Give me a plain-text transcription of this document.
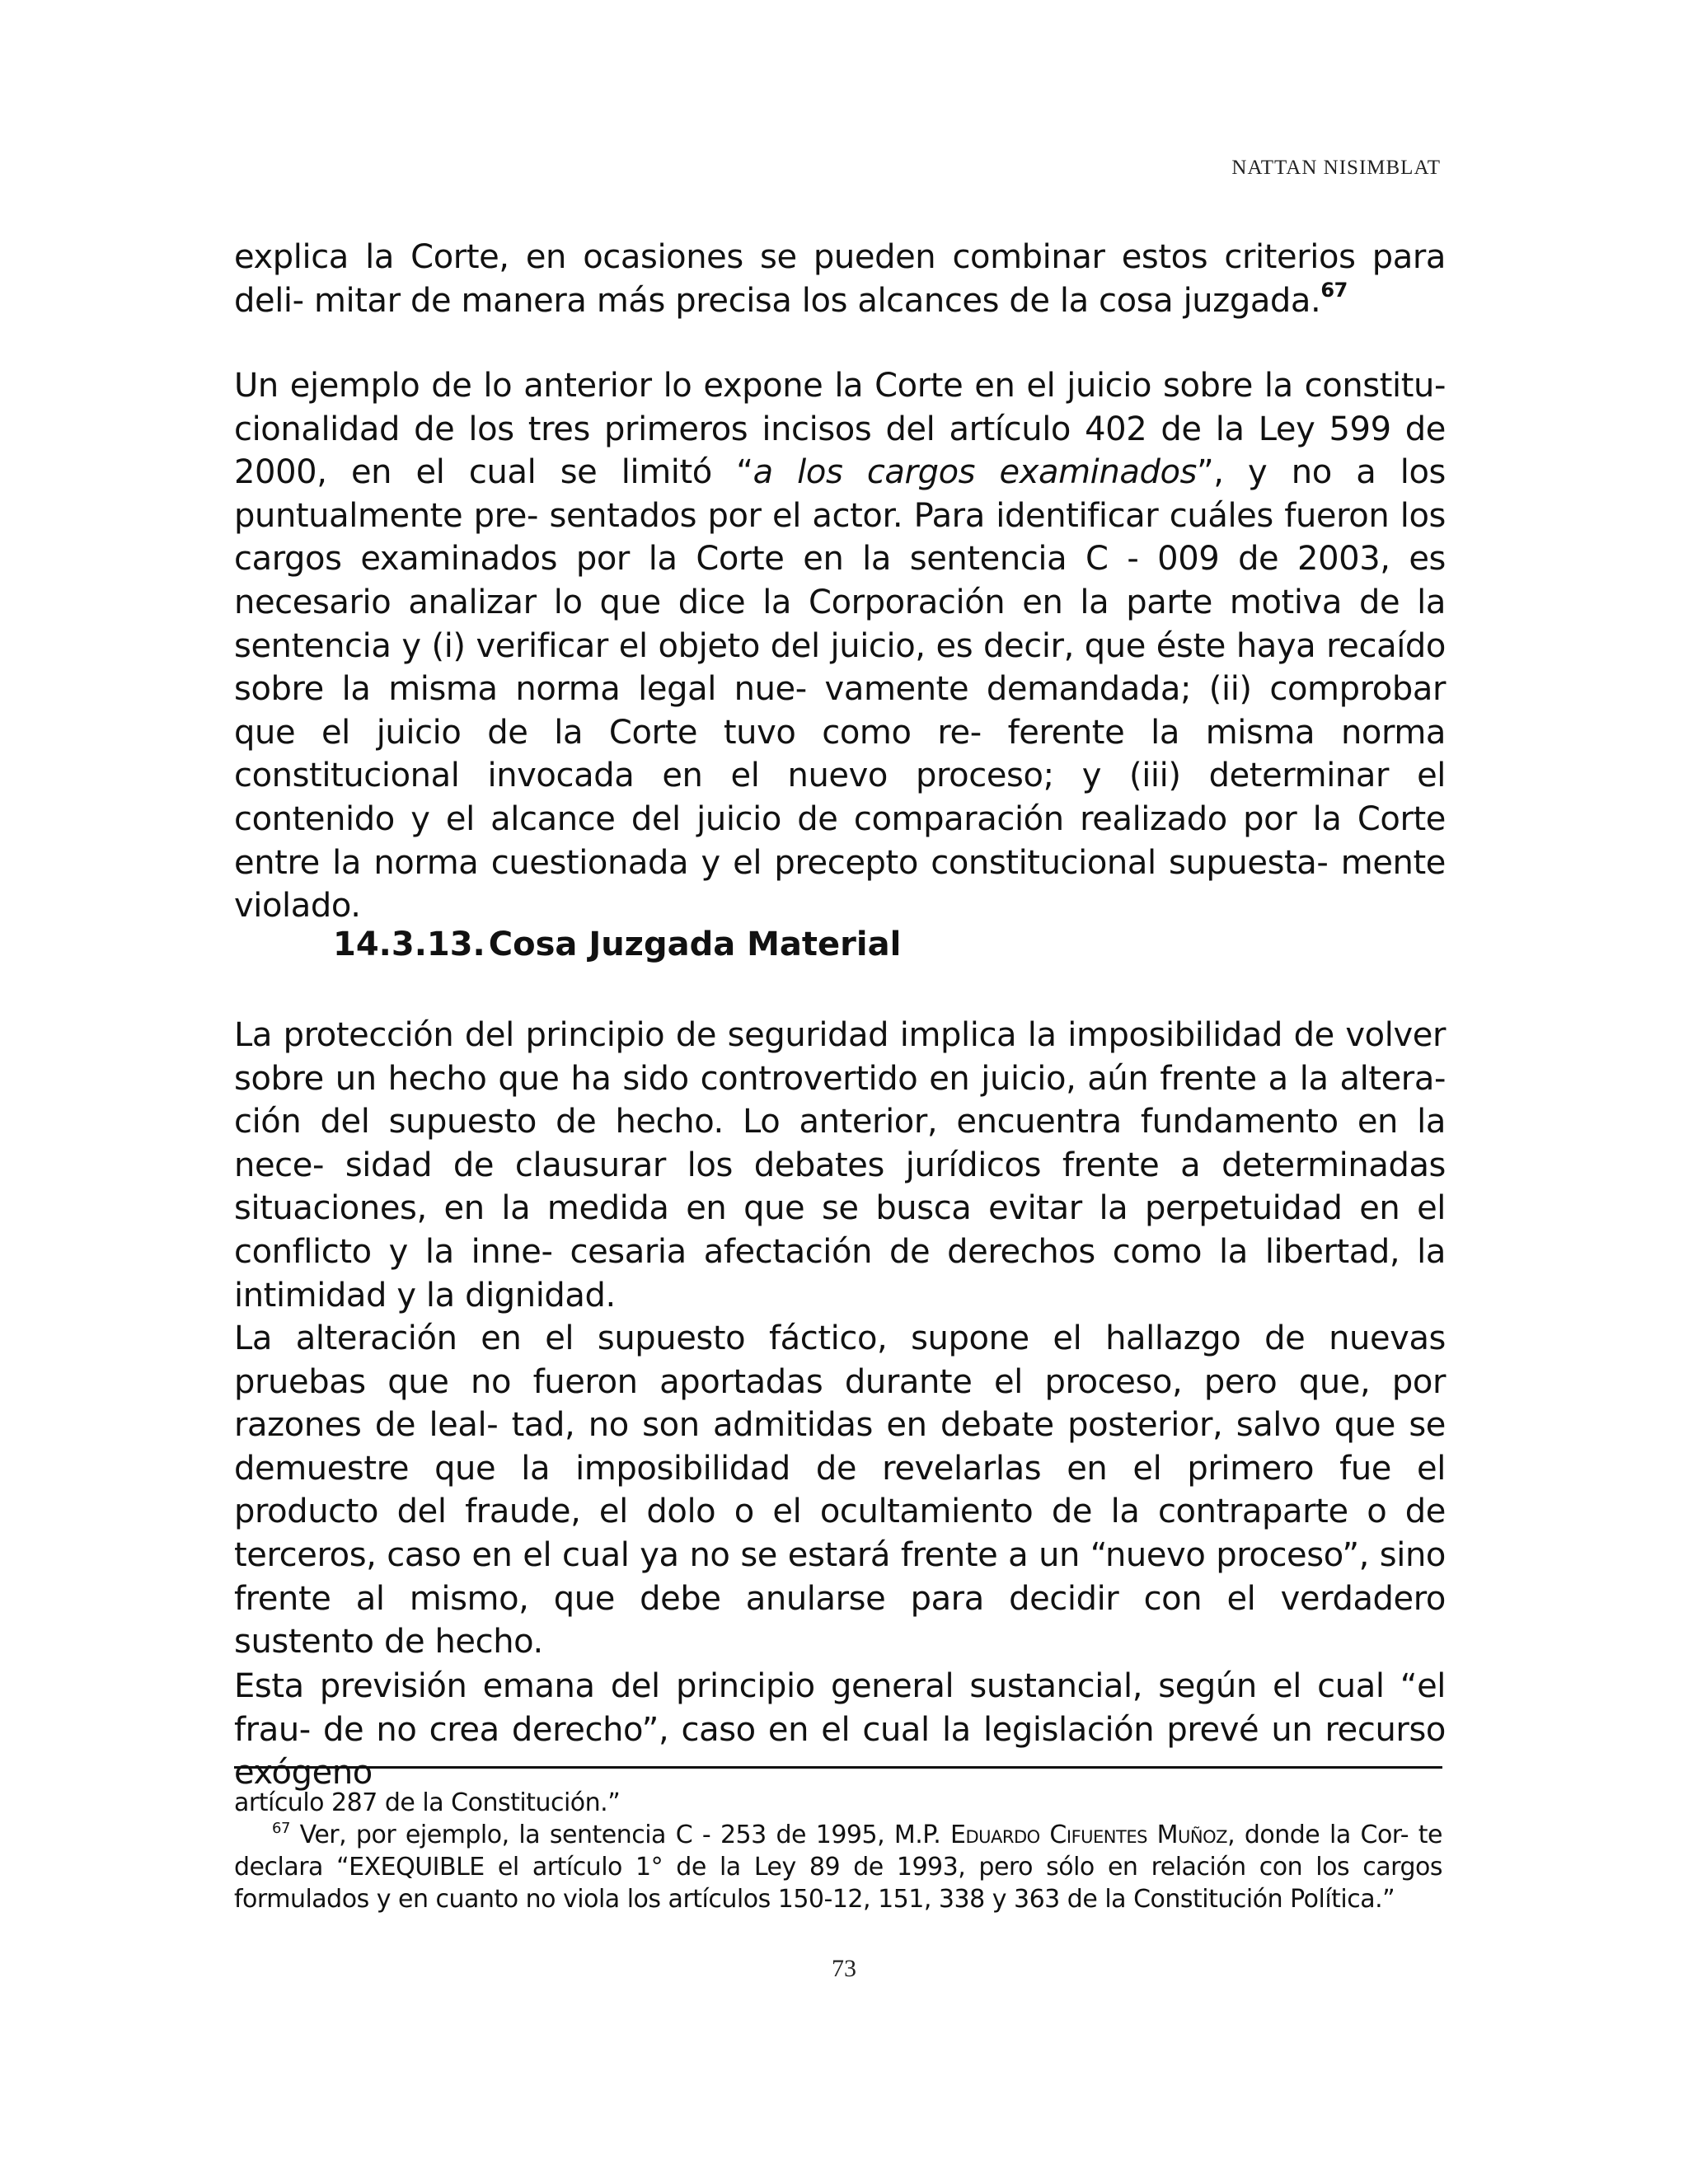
NATTAN NISIMBLAT

explica la Corte, en ocasiones se pueden combinar estos criterios para deli- mitar de manera más precisa los alcances de la cosa juzgada.$^{67}$

Un ejemplo de lo anterior lo expone la Corte en el juicio sobre la constitu- cionalidad de los tres primeros incisos del artículo 402 de la Ley 599 de 2000, en el cual se limitó “a los cargos examinados”, y no a los puntualmente pre- sentados por el actor. Para identificar cuáles fueron los cargos examinados por la Corte en la sentencia C - 009 de 2003, es necesario analizar lo que dice la Corporación en la parte motiva de la sentencia y (i) verificar el objeto del juicio, es decir, que éste haya recaído sobre la misma norma legal nue- vamente demandada; (ii) comprobar que el juicio de la Corte tuvo como re- ferente la misma norma constitucional invocada en el nuevo proceso; y (iii) determinar el contenido y el alcance del juicio de comparación realizado por la Corte entre la norma cuestionada y el precepto constitucional supuesta- mente violado.

14.3.13. Cosa Juzgada Material

La protección del principio de seguridad implica la imposibilidad de volver sobre un hecho que ha sido controvertido en juicio, aún frente a la altera- ción del supuesto de hecho. Lo anterior, encuentra fundamento en la nece- sidad de clausurar los debates jurídicos frente a determinadas situaciones, en la medida en que se busca evitar la perpetuidad en el conflicto y la inne- cesaria afectación de derechos como la libertad, la intimidad y la dignidad.

La alteración en el supuesto fáctico, supone el hallazgo de nuevas pruebas que no fueron aportadas durante el proceso, pero que, por razones de leal- tad, no son admitidas en debate posterior, salvo que se demuestre que la imposibilidad de revelarlas en el primero fue el producto del fraude, el dolo o el ocultamiento de la contraparte o de terceros, caso en el cual ya no se estará frente a un “nuevo proceso”, sino frente al mismo, que debe anularse para decidir con el verdadero sustento de hecho.

Esta previsión emana del principio general sustancial, según el cual “el frau- de no crea derecho”, caso en el cual la legislación prevé un recurso exógeno

artículo 287 de la Constitución.”

$^{67}$ Ver, por ejemplo, la sentencia C - 253 de 1995, M.P. Eduardo Cifuentes Muñoz, donde la Cor- te declara “EXEQUIBLE el artículo 1° de la Ley 89 de 1993, pero sólo en relación con los cargos formulados y en cuanto no viola los artículos 150-12, 151, 338 y 363 de la Constitución Política.”

73
